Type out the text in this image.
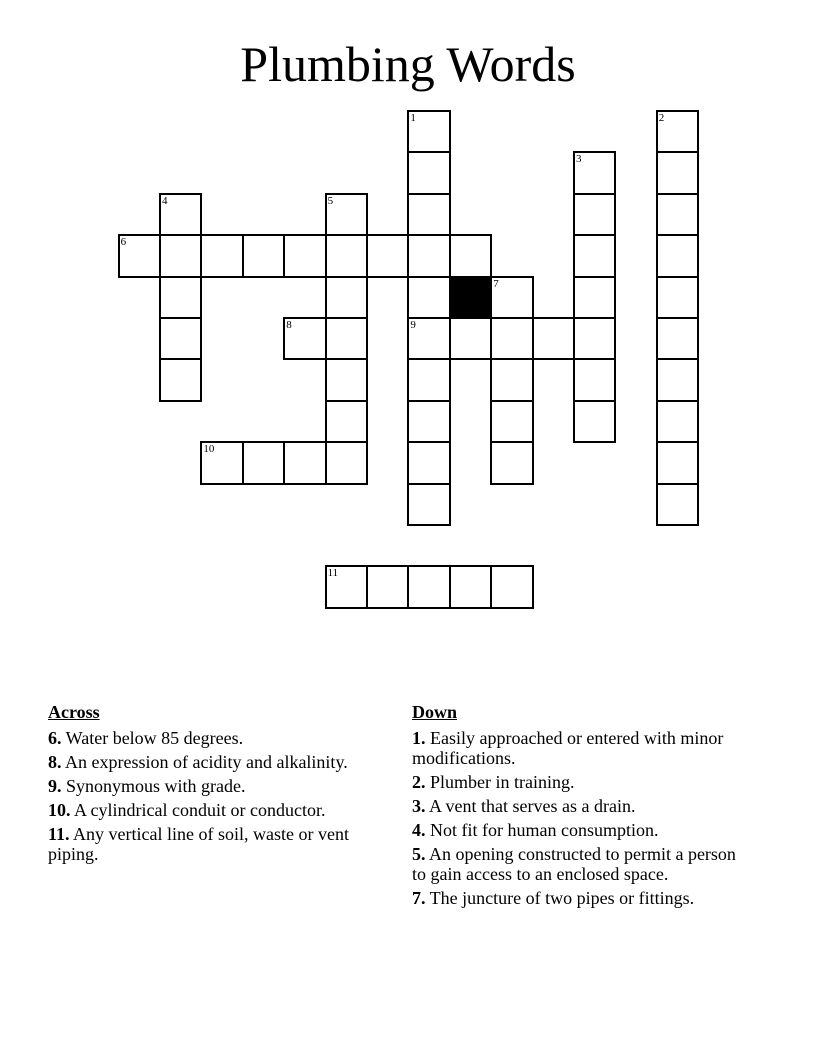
Plumbing Words
1	2
3
4	5
6
7
8	9
10
11
Across
6. Water below 85 degrees.
8. An expression of acidity and alkalinity.
9. Synonymous with grade.
10. A cylindrical conduit or conductor.
11. Any vertical line of soil, waste or vent piping.
Down
1. Easily approached or entered with minor modifications.
2. Plumber in training.
3. A vent that serves as a drain.
4. Not fit for human consumption.
5. An opening constructed to permit a person to gain access to an enclosed space.
7. The juncture of two pipes or fittings.
